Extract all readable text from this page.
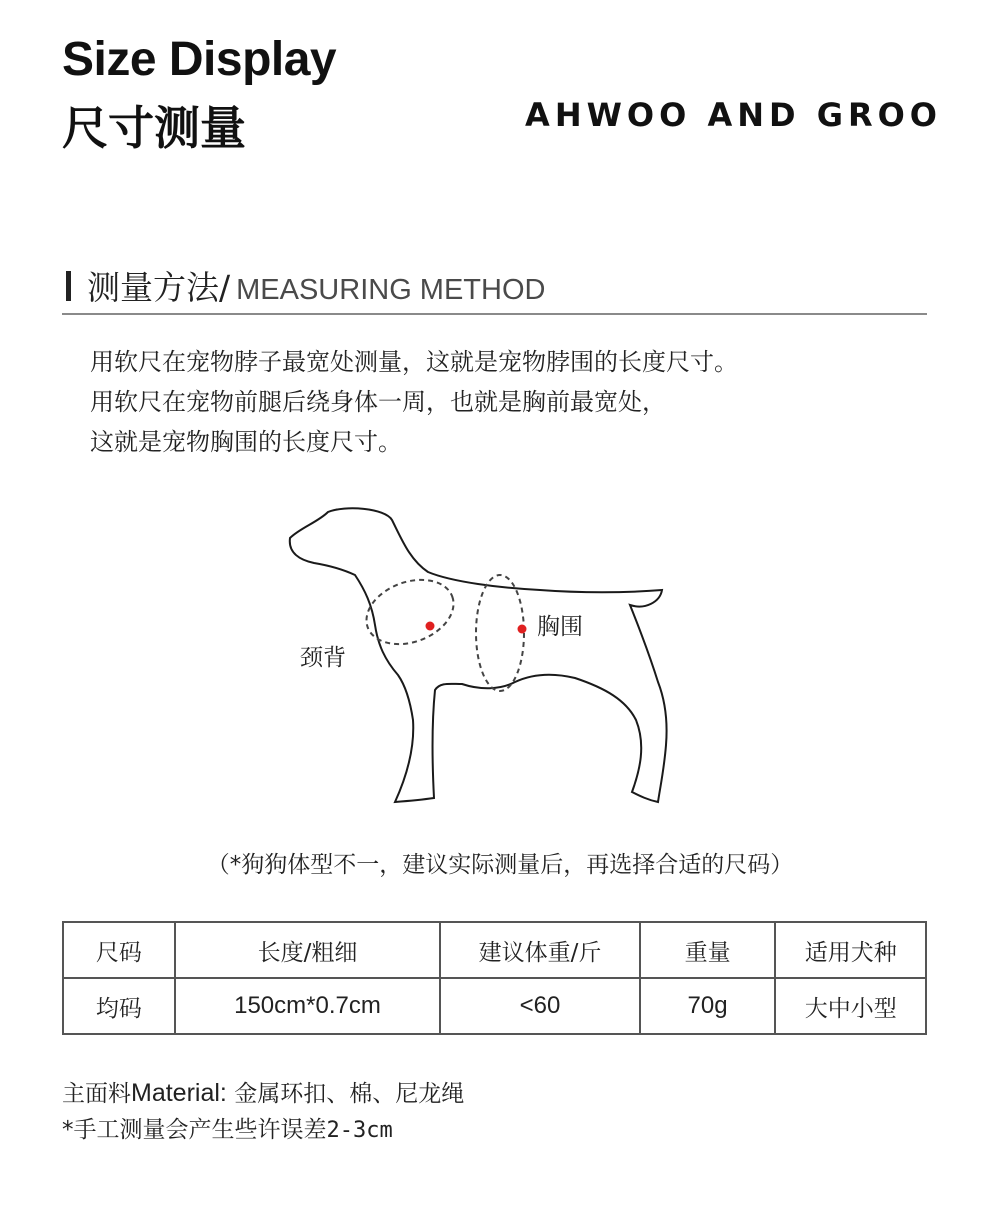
Size Display
尺寸测量	AHWOO AND GROO
测量方法/ MEASURING METHOD
用软尺在宠物脖子最宽处测量，这就是宠物脖围的长度尺寸。
用软尺在宠物前腿后绕身体一周，也就是胸前最宽处，
这就是宠物胸围的长度尺寸。
颈背
胸围
（*狗狗体型不一，建议实际测量后，再选择合适的尺码）
尺码	长度/粗细	建议体重/斤	重量	适用犬种
均码	150cm*0.7cm	<60	70g	大中小型
主面料Material: 金属环扣、棉、尼龙绳
*手工测量会产生些许误差2-3cm
